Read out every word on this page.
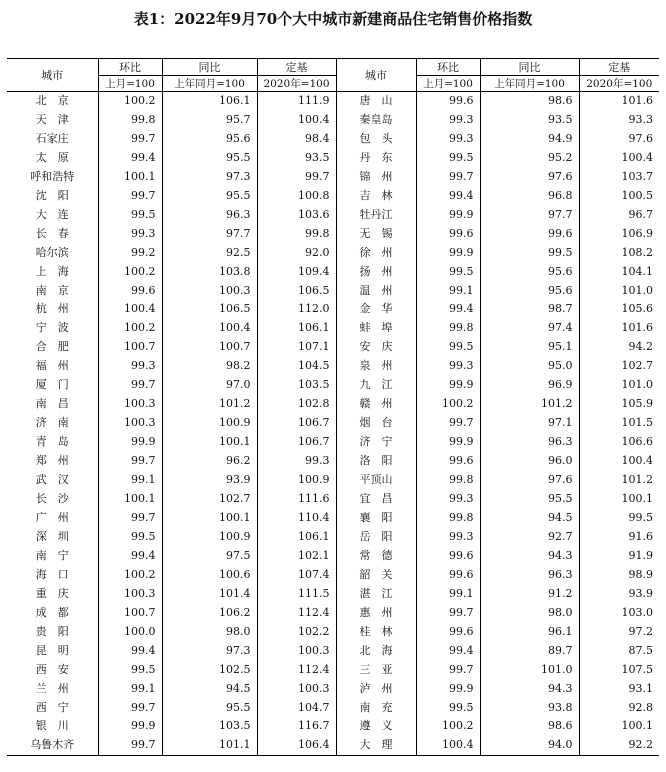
表1：2022年9月70个大中城市新建商品住宅销售价格指数
城市	环比	同比	定基	城市	环比	同比	定基
	上月=100	上年同月=100	2020年=100		上月=100	上年同月=100	2020年=100
北　京	100.2	106.1	111.9	唐　山	99.6	98.6	101.6
天　津	99.8	95.7	100.4	秦皇岛	99.3	93.5	93.3
石家庄	99.7	95.6	98.4	包　头	99.3	94.9	97.6
太　原	99.4	95.5	93.5	丹　东	99.5	95.2	100.4
呼和浩特	100.1	97.3	99.7	锦　州	99.7	97.6	103.7
沈　阳	99.7	95.5	100.8	吉　林	99.4	96.8	100.5
大　连	99.5	96.3	103.6	牡丹江	99.9	97.7	96.7
长　春	99.3	97.7	99.8	无　锡	99.6	99.6	106.9
哈尔滨	99.2	92.5	92.0	徐　州	99.9	99.5	108.2
上　海	100.2	103.8	109.4	扬　州	99.5	95.6	104.1
南　京	99.6	100.3	106.5	温　州	99.1	95.6	101.0
杭　州	100.4	106.5	112.0	金　华	99.4	98.7	105.6
宁　波	100.2	100.4	106.1	蚌　埠	99.8	97.4	101.6
合　肥	100.7	100.7	107.1	安　庆	99.5	95.1	94.2
福　州	99.3	98.2	104.5	泉　州	99.3	95.0	102.7
厦　门	99.7	97.0	103.5	九　江	99.9	96.9	101.0
南　昌	100.3	101.2	102.8	赣　州	100.2	101.2	105.9
济　南	100.3	100.9	106.7	烟　台	99.7	97.1	101.5
青　岛	99.9	100.1	106.7	济　宁	99.9	96.3	106.6
郑　州	99.7	96.2	99.3	洛　阳	99.6	96.0	100.4
武　汉	99.1	93.9	100.9	平顶山	99.8	97.6	101.2
长　沙	100.1	102.7	111.6	宜　昌	99.3	95.5	100.1
广　州	99.7	100.1	110.4	襄　阳	99.8	94.5	99.5
深　圳	99.5	100.9	106.1	岳　阳	99.3	92.7	91.6
南　宁	99.4	97.5	102.1	常　德	99.6	94.3	91.9
海　口	100.2	100.6	107.4	韶　关	99.6	96.3	98.9
重　庆	100.3	101.4	111.5	湛　江	99.1	91.2	93.9
成　都	100.7	106.2	112.4	惠　州	99.7	98.0	103.0
贵　阳	100.0	98.0	102.2	桂　林	99.6	96.1	97.2
昆　明	99.4	97.3	100.3	北　海	99.4	89.7	87.5
西　安	99.5	102.5	112.4	三　亚	99.7	101.0	107.5
兰　州	99.1	94.5	100.3	泸　州	99.9	94.3	93.1
西　宁	99.7	95.5	104.7	南　充	99.5	93.8	92.8
银　川	99.9	103.5	116.7	遵　义	100.2	98.6	100.1
乌鲁木齐	99.7	101.1	106.4	大　理	100.4	94.0	92.2
